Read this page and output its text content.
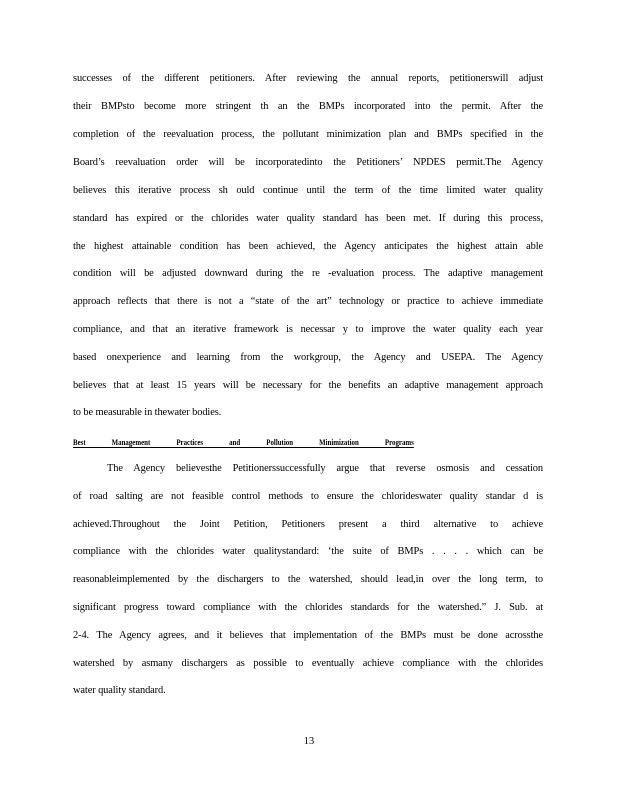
successes of the different petitioners. After reviewing the annual reports, petitionerswill adjust
their BMPsto become more stringent th an the BMPs incorporated into the permit. After the
completion of the reevaluation process, the pollutant minimization plan and BMPs specified in the
Board’s reevaluation order will be incorporatedinto the Petitioners’ NPDES permit.The Agency
believes this iterative process sh ould continue until the term of the time limited water quality
standard has expired or the chlorides water quality standard has been met. If during this process,
the highest attainable condition has been achieved, the Agency anticipates the highest attain able
condition will be adjusted downward during the re -evaluation process. The adaptive management
approach reflects that there is not a “state of the art” technology or practice to achieve immediate
compliance, and that an iterative framework is necessar y to improve the water quality each year
based onexperience and learning from the workgroup, the Agency and USEPA. The Agency
believes that at least 15 years will be necessary for the benefits an adaptive management approach
to be measurable in thewater bodies.
Best Management Practices and Pollution Minimization Programs
The Agency believesthe Petitionerssuccessfully argue that reverse osmosis and cessation
of road salting are not feasible control methods to ensure the chlorideswater quality standar d is
achieved.Throughout the Joint Petition, Petitioners present a third alternative to achieve
compliance with the chlorides water qualitystandard: ‘the suite of BMPs . . . . which can be
reasonableimplemented by the dischargers to the watershed, should lead,in over the long term, to
significant progress toward compliance with the chlorides standards for the watershed.” J. Sub. at
2-4. The Agency agrees, and it believes that implementation of the BMPs must be done acrossthe
watershed by asmany dischargers as possible to eventually achieve compliance with the chlorides
water quality standard.
13
